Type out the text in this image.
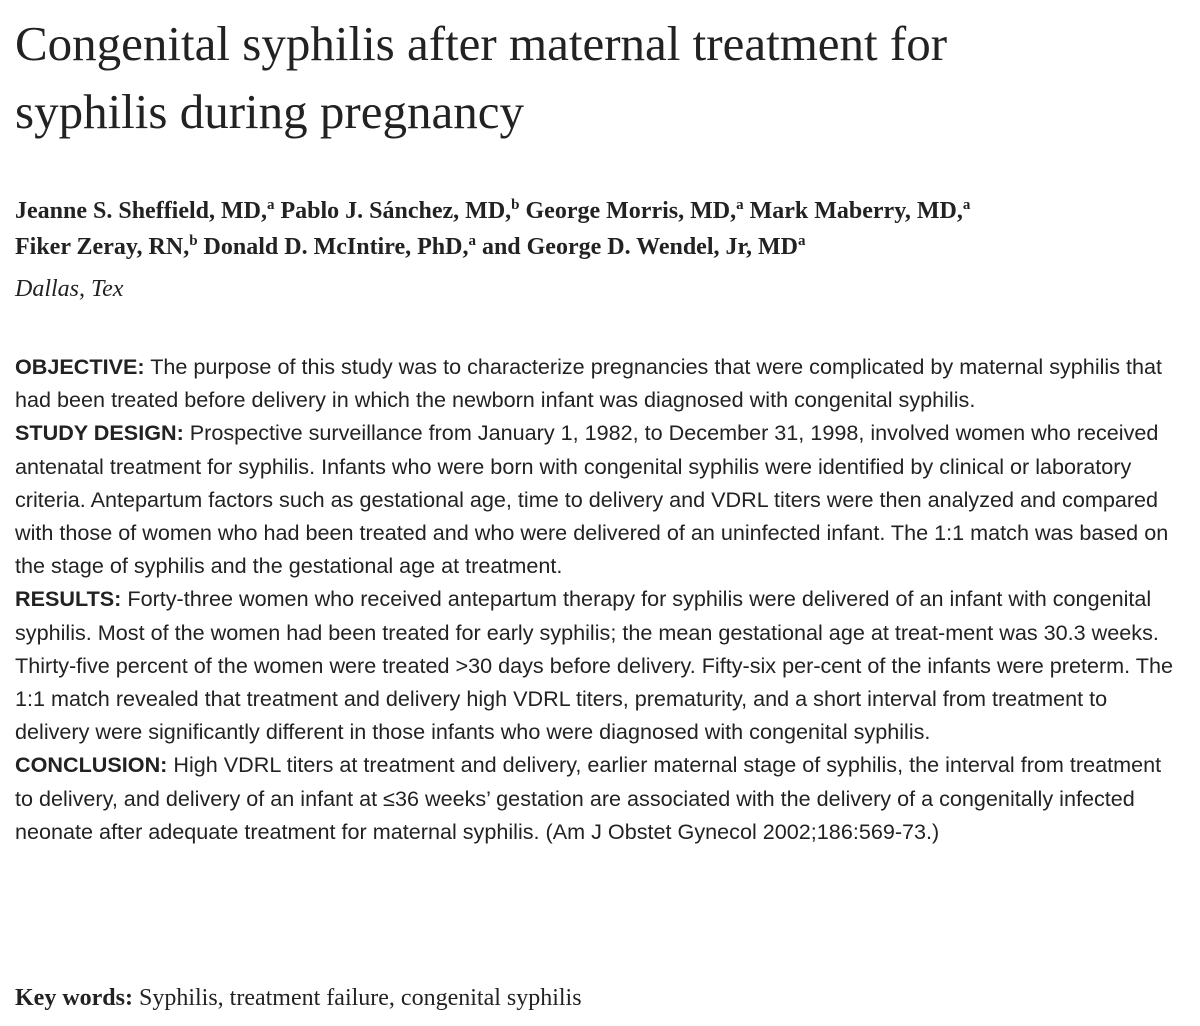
Congenital syphilis after maternal treatment for
syphilis during pregnancy
Jeanne S. Sheffield, MD,$^a$ Pablo J. Sánchez, MD,$^b$ George Morris, MD,$^a$ Mark Maberry, MD,$^a$
Fiker Zeray, RN,$^b$ Donald D. McIntire, PhD,$^a$ and George D. Wendel, Jr, $MD^a$
Dallas, Tex

OBJECTIVE: The purpose of this study was to characterize pregnancies that were complicated by maternal syphilis that had been treated before delivery in which the newborn infant was diagnosed with congenital syphilis.

STUDY DESIGN: Prospective surveillance from January 1, 1982, to December 31, 1998, involved women who received antenatal treatment for syphilis. Infants who were born with congenital syphilis were identified by clinical or laboratory criteria. Antepartum factors such as gestational age, time to delivery and VDRL titers were then analyzed and compared with those of women who had been treated and who were delivered of an uninfected infant. The 1:1 match was based on the stage of syphilis and the gestational age at treatment.

RESULTS: Forty-three women who received antepartum therapy for syphilis were delivered of an infant with congenital syphilis. Most of the women had been treated for early syphilis; the mean gestational age at treat-ment was 30.3 weeks. Thirty-five percent of the women were treated >30 days before delivery. Fifty-six per-cent of the infants were preterm. The 1:1 match revealed that treatment and delivery high VDRL titers, prematurity, and a short interval from treatment to delivery were significantly different in those infants who were diagnosed with congenital syphilis.

CONCLUSION: High VDRL titers at treatment and delivery, earlier maternal stage of syphilis, the interval from treatment to delivery, and delivery of an infant at ≤36 weeks’ gestation are associated with the delivery of a congenitally infected neonate after adequate treatment for maternal syphilis. (Am J Obstet Gynecol 2002;186:569-73.)

Key words: Syphilis, treatment failure, congenital syphilis
